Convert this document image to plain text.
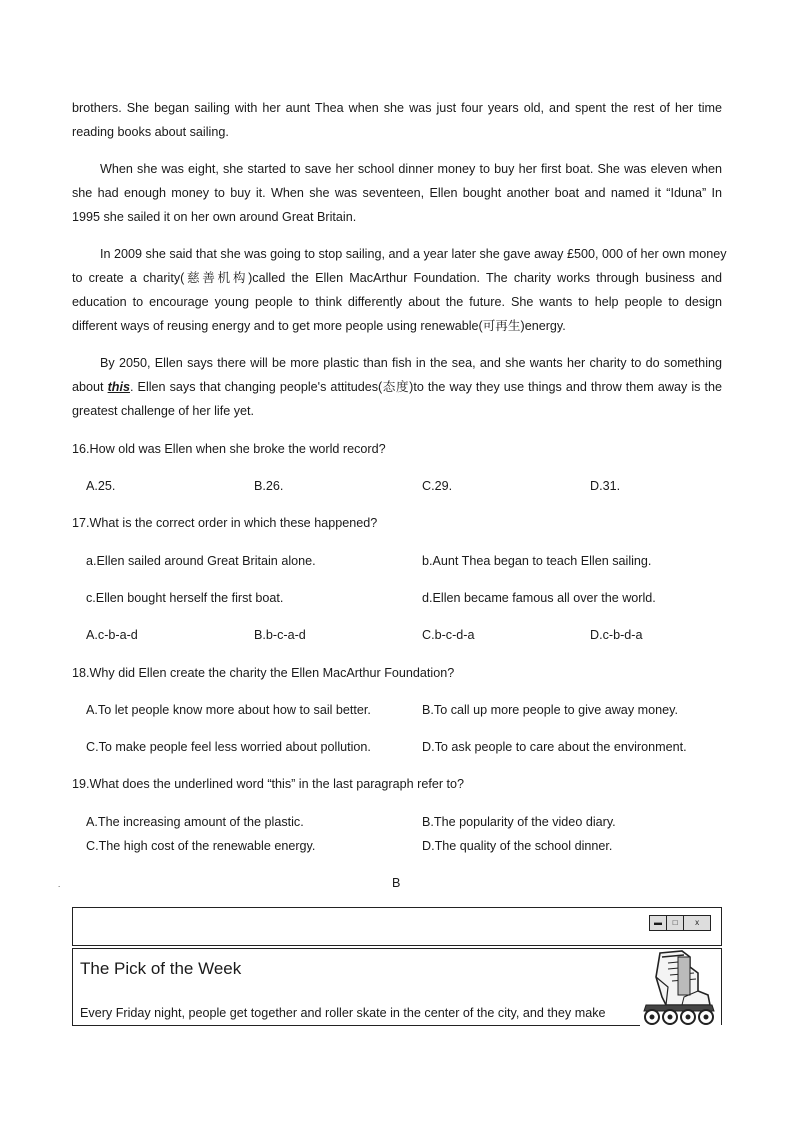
brothers. She began sailing with her aunt Thea when she was just four years old, and spent the rest of her time
reading books about sailing.
When she was eight, she started to save her school dinner money to buy her first boat. She was eleven when
she had enough money to buy it. When she was seventeen, Ellen bought another boat and named it “Iduna” In
1995 she sailed it on her own around Great Britain.
In 2009 she said that she was going to stop sailing, and a year later she gave away £500, 000 of her own money
to create a charity(慈善机构)called the Ellen MacArthur Foundation. The charity works through business and
education to encourage young people to think differently about the future. She wants to help people to design
different ways of reusing energy and to get more people using renewable(可再生)energy.
By 2050, Ellen says there will be more plastic than fish in the sea, and she wants her charity to do something
about this. Ellen says that changing people's attitudes(态度)to the way they use things and throw them away is the
greatest challenge of her life yet.
16.How old was Ellen when she broke the world record?
A.25.	B.26.	C.29.	D.31.
17.What is the correct order in which these happened?
a.Ellen sailed around Great Britain alone.	b.Aunt Thea began to teach Ellen sailing.
c.Ellen bought herself the first boat.	d.Ellen became famous all over the world.
A.c-b-a-d	B.b-c-a-d	C.b-c-d-a	D.c-b-d-a
18.Why did Ellen create the charity the Ellen MacArthur Foundation?
A.To let people know more about how to sail better.	B.To call up more people to give away money.
C.To make people feel less worried about pollution.	D.To ask people to care about the environment.
19.What does the underlined word “this” in the last paragraph refer to?
A.The increasing amount of the plastic.	B.The popularity of the video diary.
C.The high cost of the renewable energy.	D.The quality of the school dinner.
.	B
▬	□	x
The Pick of the Week
Every Friday night, people get together and roller skate in the center of the city, and they make
